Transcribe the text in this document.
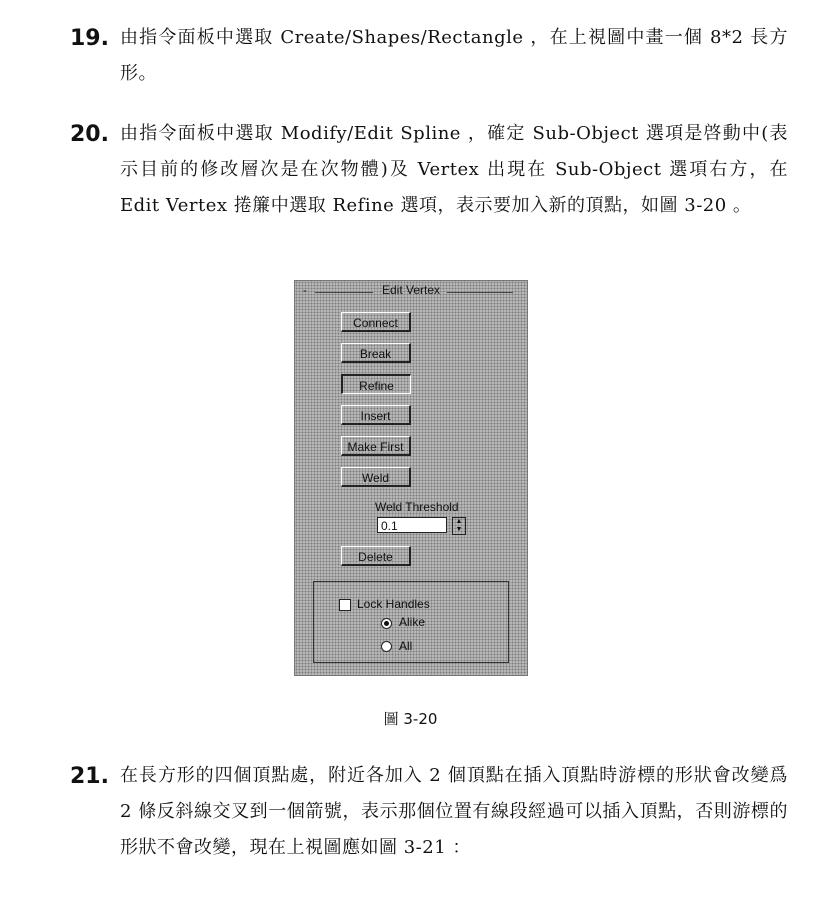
19. 由指令面板中選取 Create/Shapes/Rectangle ，在上視圖中畫一個 8*2 長方形。
20. 由指令面板中選取 Modify/Edit Spline ，確定 Sub-Object 選項是啓動中(表示目前的修改層次是在次物體)及 Vertex 出現在 Sub-Object 選項右方，在 Edit Vertex 捲簾中選取 Refine 選項，表示要加入新的頂點，如圖 3-20 。
-	Edit Vertex
Connect
Break
Refine
Insert
Make First
Weld
Weld Threshold
0.1	▲
▼
Delete
Lock Handles
Alike
All
圖 3-20
21. 在長方形的四個頂點處，附近各加入 2 個頂點在插入頂點時游標的形狀會改變爲 2 條反斜線交叉到一個箭號，表示那個位置有線段經過可以插入頂點，否則游標的形狀不會改變，現在上視圖應如圖 3-21 ：
